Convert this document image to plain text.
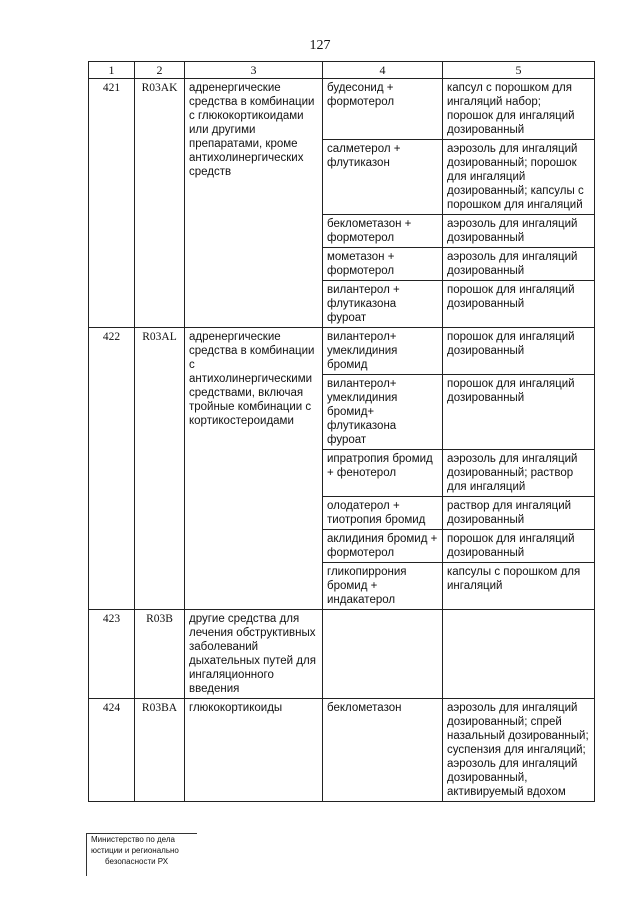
127
1	2	3	4	5
421	R03AK	адренергические средства в комбинации с глюкокортикоидами или другими препаратами, кроме антихолинергических средств	будесонид + формотерол	капсул с порошком для ингаляций набор; порошок для ингаляций дозированный
			салметерол + флутиказон	аэрозоль для ингаляций дозированный; порошок для ингаляций дозированный; капсулы с порошком для ингаляций
			беклометазон + формотерол	аэрозоль для ингаляций дозированный
			мометазон + формотерол	аэрозоль для ингаляций дозированный
			вилантерол + флутиказона фуроат	порошок для ингаляций дозированный
422	R03AL	адренергические средства в комбинации с антихолинергическими средствами, включая тройные комбинации с кортикостероидами	вилантерол+ умеклидиния бромид	порошок для ингаляций дозированный
			вилантерол+ умеклидиния бромид+ флутиказона фуроат	порошок для ингаляций дозированный
			ипратропия бромид + фенотерол	аэрозоль для ингаляций дозированный; раствор для ингаляций
			олодатерол + тиотропия бромид	раствор для ингаляций дозированный
			аклидиния бромид + формотерол	порошок для ингаляций дозированный
			гликопиррония бромид + индакатерол	капсулы с порошком для ингаляций
423	R03B	другие средства для лечения обструктивных заболеваний дыхательных путей для ингаляционного введения		
424	R03BA	глюкокортикоиды	беклометазон	аэрозоль для ингаляций дозированный; спрей назальный дозированный; суспензия для ингаляций; аэрозоль для ингаляций дозированный, активируемый вдохом
Министерство по дела
юстиции и регионально
безопасности РХ
